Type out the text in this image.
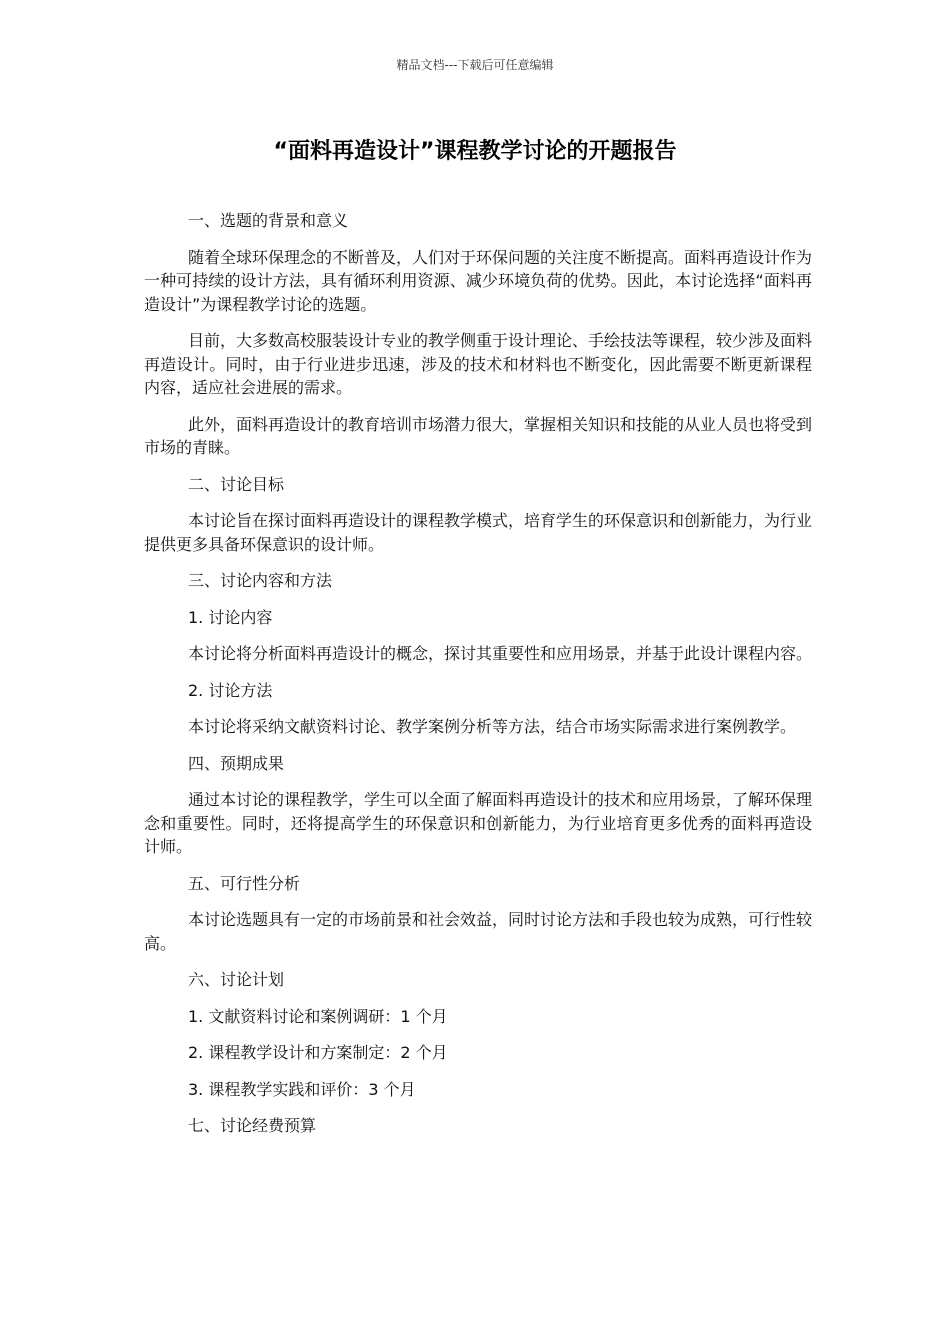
精品文档---下载后可任意编辑
“面料再造设计”课程教学讨论的开题报告

一、选题的背景和意义

随着全球环保理念的不断普及，人们对于环保问题的关注度不断提高。面料再造设计作为一种可持续的设计方法，具有循环利用资源、减少环境负荷的优势。因此，本讨论选择“面料再造设计”为课程教学讨论的选题。

目前，大多数高校服装设计专业的教学侧重于设计理论、手绘技法等课程，较少涉及面料再造设计。同时，由于行业进步迅速，涉及的技术和材料也不断变化，因此需要不断更新课程内容，适应社会进展的需求。

此外，面料再造设计的教育培训市场潜力很大，掌握相关知识和技能的从业人员也将受到市场的青睐。

二、讨论目标

本讨论旨在探讨面料再造设计的课程教学模式，培育学生的环保意识和创新能力，为行业提供更多具备环保意识的设计师。

三、讨论内容和方法

1. 讨论内容

本讨论将分析面料再造设计的概念，探讨其重要性和应用场景，并基于此设计课程内容。

2. 讨论方法

本讨论将采纳文献资料讨论、教学案例分析等方法，结合市场实际需求进行案例教学。

四、预期成果

通过本讨论的课程教学，学生可以全面了解面料再造设计的技术和应用场景，了解环保理念和重要性。同时，还将提高学生的环保意识和创新能力，为行业培育更多优秀的面料再造设计师。

五、可行性分析

本讨论选题具有一定的市场前景和社会效益，同时讨论方法和手段也较为成熟，可行性较高。

六、讨论计划

1. 文献资料讨论和案例调研：1 个月

2. 课程教学设计和方案制定：2 个月

3. 课程教学实践和评价：3 个月

七、讨论经费预算
